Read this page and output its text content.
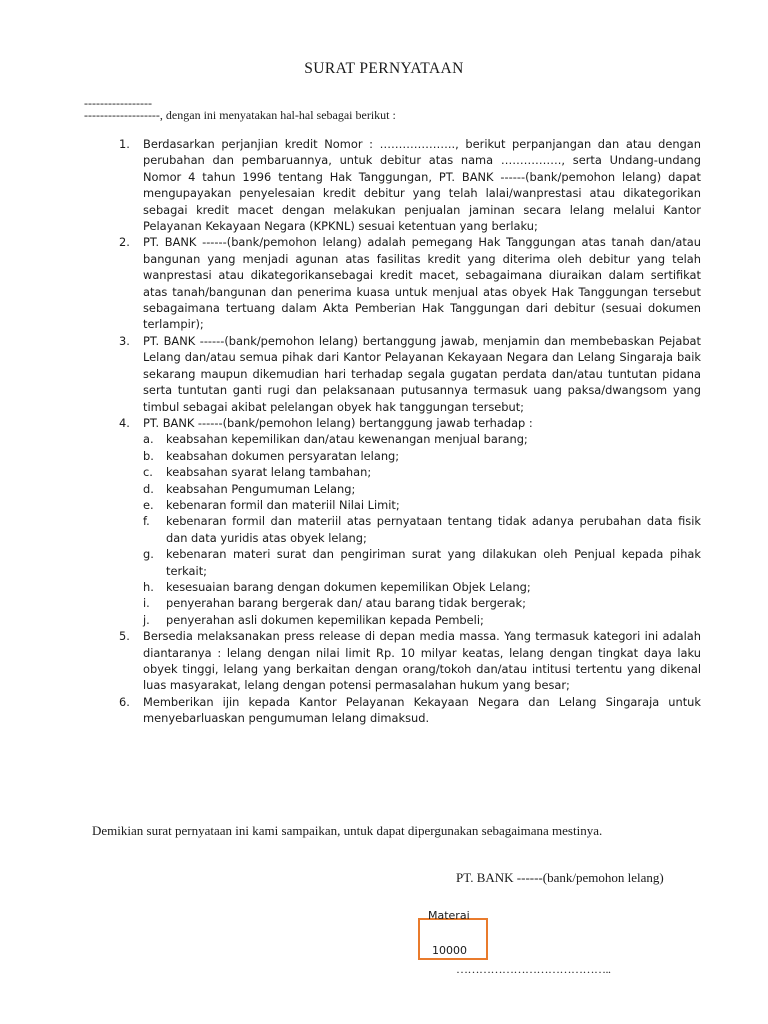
SURAT PERNYATAAN
-----------------
-------------------, dengan ini menyatakan hal-hal sebagai berikut :
1. Berdasarkan perjanjian kredit Nomor : ……………….., berikut perpanjangan dan atau dengan perubahan dan pembaruannya, untuk debitur atas nama ……………., serta Undang-undang Nomor 4 tahun 1996 tentang Hak Tanggungan, PT. BANK ------(bank/pemohon lelang) dapat mengupayakan penyelesaian kredit debitur yang telah lalai/wanprestasi atau dikategorikan sebagai kredit macet dengan melakukan penjualan jaminan secara lelang melalui Kantor Pelayanan Kekayaan Negara (KPKNL) sesuai ketentuan yang berlaku;
2. PT. BANK ------(bank/pemohon lelang) adalah pemegang Hak Tanggungan atas tanah dan/atau bangunan yang menjadi agunan atas fasilitas kredit yang diterima oleh debitur yang telah wanprestasi atau dikategorikansebagai kredit macet, sebagaimana diuraikan dalam sertifikat atas tanah/bangunan dan penerima kuasa untuk menjual atas obyek Hak Tanggungan tersebut sebagaimana tertuang dalam Akta Pemberian Hak Tanggungan dari debitur (sesuai dokumen terlampir);
3. PT. BANK ------(bank/pemohon lelang) bertanggung jawab, menjamin dan membebaskan Pejabat Lelang dan/atau semua pihak dari Kantor Pelayanan Kekayaan Negara dan Lelang Singaraja baik sekarang maupun dikemudian hari terhadap segala gugatan perdata dan/atau tuntutan pidana serta tuntutan ganti rugi dan pelaksanaan putusannya termasuk uang paksa/dwangsom yang timbul sebagai akibat pelelangan obyek hak tanggungan tersebut;
4. PT. BANK ------(bank/pemohon lelang) bertanggung jawab terhadap :
a. keabsahan kepemilikan dan/atau kewenangan menjual barang;
b. keabsahan dokumen persyaratan lelang;
c. keabsahan syarat lelang tambahan;
d. keabsahan Pengumuman Lelang;
e. kebenaran formil dan materiil Nilai Limit;
f. kebenaran formil dan materiil atas pernyataan tentang tidak adanya perubahan data fisik dan data yuridis atas obyek lelang;
g. kebenaran materi surat dan pengiriman surat yang dilakukan oleh Penjual kepada pihak terkait;
h. kesesuaian barang dengan dokumen kepemilikan Objek Lelang;
i. penyerahan barang bergerak dan/ atau barang tidak bergerak;
j. penyerahan asli dokumen kepemilikan kepada Pembeli;
5. Bersedia melaksanakan press release di depan media massa. Yang termasuk kategori ini adalah diantaranya : lelang dengan nilai limit Rp. 10 milyar keatas, lelang dengan tingkat daya laku obyek tinggi, lelang yang berkaitan dengan orang/tokoh dan/atau intitusi tertentu yang dikenal luas masyarakat, lelang dengan potensi permasalahan hukum yang besar;
6. Memberikan ijin kepada Kantor Pelayanan Kekayaan Negara dan Lelang Singaraja untuk menyebarluaskan pengumuman lelang dimaksud.
Demikian surat pernyataan ini kami sampaikan, untuk dapat dipergunakan sebagaimana mestinya.
PT. BANK ------(bank/pemohon lelang)
Materai
10000
…………………………………..
